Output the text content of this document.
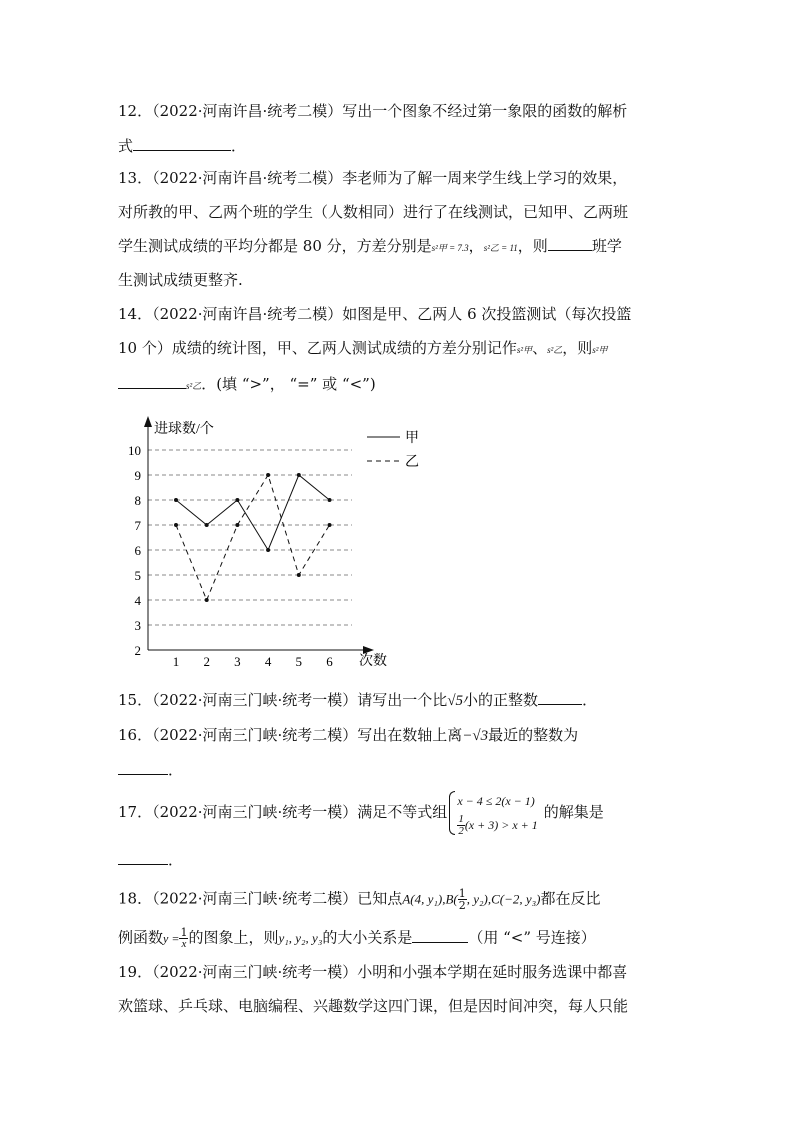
12．（2022·河南许昌·统考二模）写出一个图象不经过第一象限的函数的解析
式	．
13．（2022·河南许昌·统考二模）李老师为了解一周来学生线上学习的效果，
对所教的甲、乙两个班的学生（人数相同）进行了在线测试，已知甲、乙两班
学生测试成绩的平均分都是 80 分，方差分别是s²甲 = 7.3，s²乙 = 11，则	班学
生测试成绩更整齐.
14．（2022·河南许昌·统考二模）如图是甲、乙两人 6 次投篮测试（每次投篮
10 个）成绩的统计图，甲、乙两人测试成绩的方差分别记作s²甲、s²乙，则s²甲
s²乙．(填 “>”， “=” 或 “<”)
进球数/个
次数
2
3
4
5
6
7
8
9
10
1 2 3 4 5 6
甲
乙
15．（2022·河南三门峡·统考一模）请写出一个比√5小的正整数	．
16．（2022·河南三门峡·统考二模）写出在数轴上离−√3最近的整数为
．
17．（2022·河南三门峡·统考一模）满足不等式组
x − 4 ≤ 2(x − 1)
$\frac{1}{2} (x + 3) > x + 1$
的解集是
．
18．（2022·河南三门峡·统考二模）已知点A(4, $y_1),B( \frac{1}{2}$ , y₂),C(−2, y₃)都在反比
例函数$y = \frac{1}{x}$ 的图象上，则y₁, y₂, y₃的大小关系是	（用 “<” 号连接）
19．（2022·河南三门峡·统考一模）小明和小强本学期在延时服务选课中都喜
欢篮球、乒乓球、电脑编程、兴趣数学这四门课，但是因时间冲突，每人只能
